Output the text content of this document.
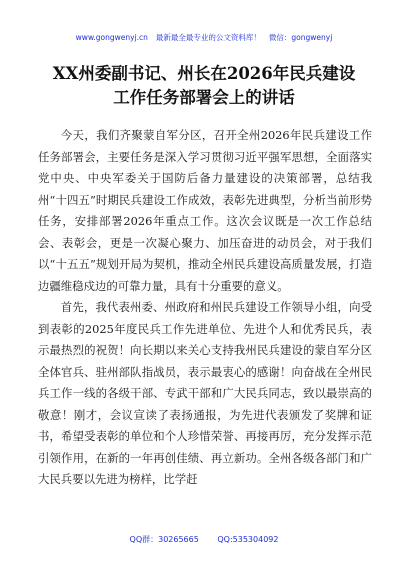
www.gongwenyj.cn 最新最全最专业的公文资料库！ 微信：gongwenyj
XX州委副书记、州长在2026年民兵建设
工作任务部署会上的讲话

今天，我们齐聚蒙自军分区，召开全州2026年民兵建设工作任务部署会，主要任务是深入学习贯彻习近平强军思想，全面落实党中央、中央军委关于国防后备力量建设的决策部署，总结我州“十四五”时期民兵建设工作成效，表彰先进典型，分析当前形势任务，安排部署2026年重点工作。这次会议既是一次工作总结会、表彰会，更是一次凝心聚力、加压奋进的动员会，对于我们以“十五五”规划开局为契机，推动全州民兵建设高质量发展，打造边疆维稳戍边的可靠力量，具有十分重要的意义。

首先，我代表州委、州政府和州民兵建设工作领导小组，向受到表彰的2025年度民兵工作先进单位、先进个人和优秀民兵，表示最热烈的祝贺！向长期以来关心支持我州民兵建设的蒙自军分区全体官兵、驻州部队指战员，表示最衷心的感谢！向奋战在全州民兵工作一线的各级干部、专武干部和广大民兵同志，致以最崇高的敬意！刚才，会议宣读了表扬通报，为先进代表颁发了奖牌和证书，希望受表彰的单位和个人珍惜荣誉、再接再厉，充分发挥示范引领作用，在新的一年再创佳绩、再立新功。全州各级各部门和广大民兵要以先进为榜样，比学赶

QQ群：30265665 QQ:535304092
